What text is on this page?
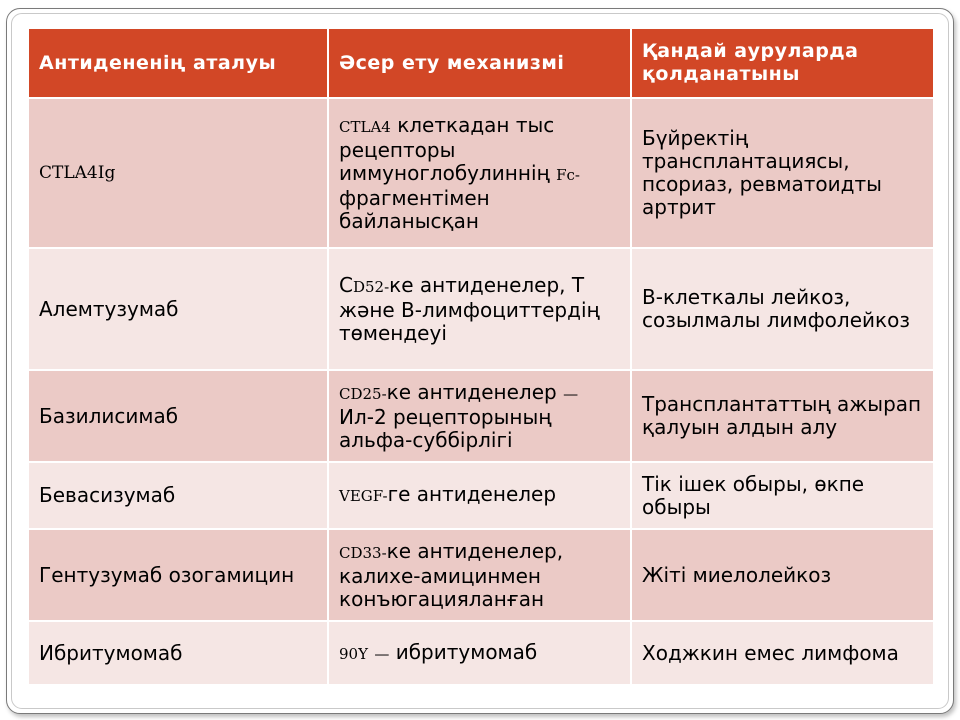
Антидененің аталуы	Әсер ету механизмі	Қандай ауруларда қолданатыны
CTLA4Ig	CTLA4 клеткадан тыс рецепторы иммуноглобулиннің Fc-фрагментімен байланысқан	Бүйректің трансплантациясы, псориаз, ревматоидты артрит
Алемтузумаб	СD52-ке антиденелер, Т және В-лимфоциттердің төмендеуі	В-клеткалы лейкоз, созылмалы лимфолейкоз
Базилисимаб	CD25-ке антиденелер — Ил-2 рецепторының альфа-суббірлігі	Трансплантаттың ажырап қалуын алдын алу
Бевасизумаб	VEGF-ге антиденелер	Тік ішек обыры, өкпе обыры
Гентузумаб озогамицин	CD33-ке антиденелер, калихе-амицинмен конъюгацияланған	Жіті миелолейкоз
Ибритумомаб	90Y — ибритумомаб	Ходжкин емес лимфома
